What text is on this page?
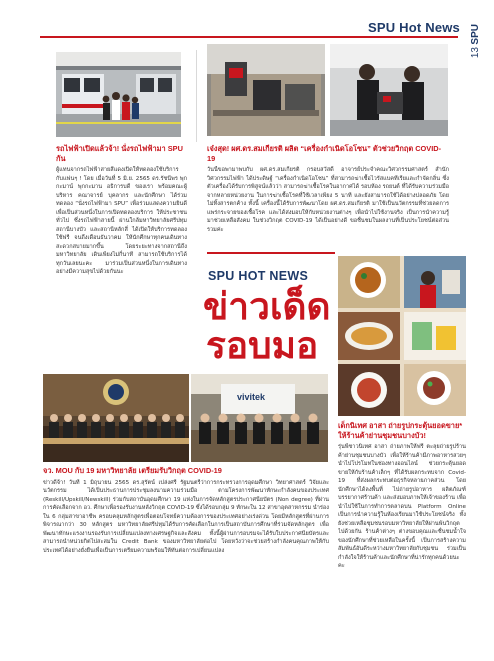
SPU Hot News SPU
13
รถไฟฟ้าเปิดแล้วจ้า! นั่งรถไฟฟ้ามา SPU กัน
ผู้แทนจากรถไฟฟ้าสายสีแดงเปิดให้ทดลองใช้บริการ กับแฟนๆ ! โดย เมื่อวันที่ 5 มิ.ย. 2565 ดร.รัชนีพร พุกกะมาน์ พุกกะมาน อธิการบดี ของเรา พร้อมคณะผู้บริหาร คณาจารย์ บุคลากร และนักศึกษา ได้ร่วมทดลอง “นั่งรถไฟฟ้ามา SPU” เพื่อร่วมแสดงความยินดี เพื่อเป็นส่วนหนึ่งในการเปิดทดลองบริการ ให้ประชาชนทั่วไป ซึ่งรถไฟฟ้าสายนี้ ผ่านใกล้มหาวิทยาลัยศรีปทุม สถานีบางบัว และสถานีหลักสี่ ได้เปิดให้บริการทดลองใช้ฟรี จนถึงเดือนธันวาคม ให้นักศึกษาทุกคนเดินทางสะดวกสบายมากขึ้น โดยระยะทางจากสถานีถึงมหาวิทยาลัย เดินเพียงไม่กี่นาที สามารถใช้บริการได้ทุกวันเลยนะคะ มาร่วมเป็นส่วนหนึ่งในการเดินทางอย่างมีความสุขไปด้วยกันนะ
เจ๋งสุด! ผศ.ดร.สมเกียรติ ผลิต “เครื่องกำเนิดโอโซน” ตัวช่วยวิกฤต COVID-19
วันนี้ขอพามาพบกับ ผศ.ดร.สมเกียรติ กรอบสวัสดิ์ อาจารย์ประจำคณะวิศวกรรมศาสตร์ สำนักวิศวกรรมไฟฟ้า ได้ประดิษฐ์ “เครื่องกำเนิดโอโซน” ที่สามารถฆ่าเชื้อไวรัสแบคทีเรียและกำจัดกลิ่น ซึ่งตัวเครื่องได้รับการพิสูจน์แล้วว่า สามารถฆ่าเชื้อโรคในอากาศได้ รอบห้อง รถยนต์ ที่ได้รับความร่วมมือจากหลายหน่วยงาน ในการฆ่าเชื้อโรคที่ใช้เวลาเพียง 5 นาที และยังสามารถใช้ได้อย่างปลอดภัย โดยไม่ทิ้งสารตกค้าง ทั้งนี้ เครื่องนี้ได้รับการพัฒนาโดย ผศ.ดร.สมเกียรติ มาใช้เป็นนวัตกรรมที่ช่วยลดการแพร่กระจายของเชื้อโรค และได้ส่งมอบให้กับหน่วยงานต่างๆ เพื่อนำไปใช้งานจริง เป็นการนำความรู้มาช่วยเหลือสังคม ในช่วงวิกฤต COVID-19 ได้เป็นอย่างดี ขอชื่นชมในผลงานที่เป็นประโยชน์ต่อส่วนรวมค่ะ
SPU HOT NEWS
ข่าวเด็ด
รอบมอ
vivitek
จว. MOU กับ 19 มหาวิทยาลัย เตรียมรับวิกฤต COVID-19
ข่าวดีจ้า! วันที่ 1 มิถุนายน 2565 ดร.สุรัตน์ เปล่งศรี รัฐมนตรีว่าการกระทรวงการอุดมศึกษา วิทยาศาสตร์ วิจัยและนวัตกรรม ได้เป็นประธานการประชุมลงนามความร่วมมือ ตามโครงการพัฒนาทักษะกำลังคนของประเทศ (Reskill/Upskill/Newskill) ร่วมกับสถาบันอุดมศึกษา 19 แห่งในการจัดหลักสูตรประกาศนียบัตร (Non degree) ที่ผ่านการคัดเลือกจาก อว. ศึกษาเพื่อรองรับงานหลังวิกฤต COVID-19 ซึ่งได้รอบกลุ่ม 9 ทักษะใน 12 สาขาอุตสาหกรรม นำร่องใน 6 กลุ่มสาขาอาชีพ ครอบคลุมหลักสูตรเพื่อตอบโจทย์ความต้องการของประเทศอย่างเร่งด่วน โดยมีหลักสูตรที่ผ่านการพิจารณากว่า 30 หลักสูตร มหาวิทยาลัยศรีปทุมได้รับการคัดเลือกในการเป็นสถาบันการศึกษาที่ร่วมจัดหลักสูตร เพื่อพัฒนาทักษะแรงงานรองรับการเปลี่ยนแปลงทางเศรษฐกิจและสังคม ทั้งนี้ผู้ผ่านการอบรมจะได้รับใบประกาศนียบัตรและสามารถนำหน่วยกิตไปสะสมใน Credit Bank ของมหาวิทยาลัยต่อไป โดยหวังว่าจะช่วยสร้างกำลังคนคุณภาพให้กับประเทศได้อย่างยั่งยืนเพื่อเป็นการเตรียมความพร้อมให้ทันต่อการเปลี่ยนแปลง
เด็กนิเทศ อาสา ถ่ายรูปกระตุ้นยอดขาย* ให้ร้านค้าย่านชุมชนบางบัว!
รุ่นพี่ชาวนิเทศ อาสา ถ่ายภาพให้ฟรี ตะลุยถ่ายรูปร้านค้าย่านชุมชนบางบัว เพื่อให้ร้านค้ามีภาพอาหารสวยๆ นำไปโปรโมทในช่องทางออนไลน์ ช่วยกระตุ้นยอดขายให้กับร้านค้าเล็กๆ ที่ได้รับผลกระทบจาก Covid-19 ที่ส่งผลกระทบต่อธุรกิจหลายภาคส่วน โดยนักศึกษาได้ลงพื้นที่ ไปถ่ายรูปอาหาร ผลิตภัณฑ์ บรรยากาศร้านค้า และส่งมอบภาพให้เจ้าของร้าน เพื่อนำไปใช้ในการทำการตลาดบน Platform Online เป็นการนำความรู้ในห้องเรียนมาใช้ประโยชน์จริง ทั้งยังช่วยเหลือชุมชนรอบมหาวิทยาลัยให้ผ่านพ้นวิกฤตไปด้วยกัน ร้านค้าต่างๆ ต่างขอบคุณและชื่นชมน้ำใจของนักศึกษาที่ช่วยเหลือในครั้งนี้ เป็นการสร้างความสัมพันธ์อันดีระหว่างมหาวิทยาลัยกับชุมชน ร่วมเป็นกำลังใจให้ร้านค้าและนักศึกษาที่น่ารักทุกคนด้วยนะคะ
